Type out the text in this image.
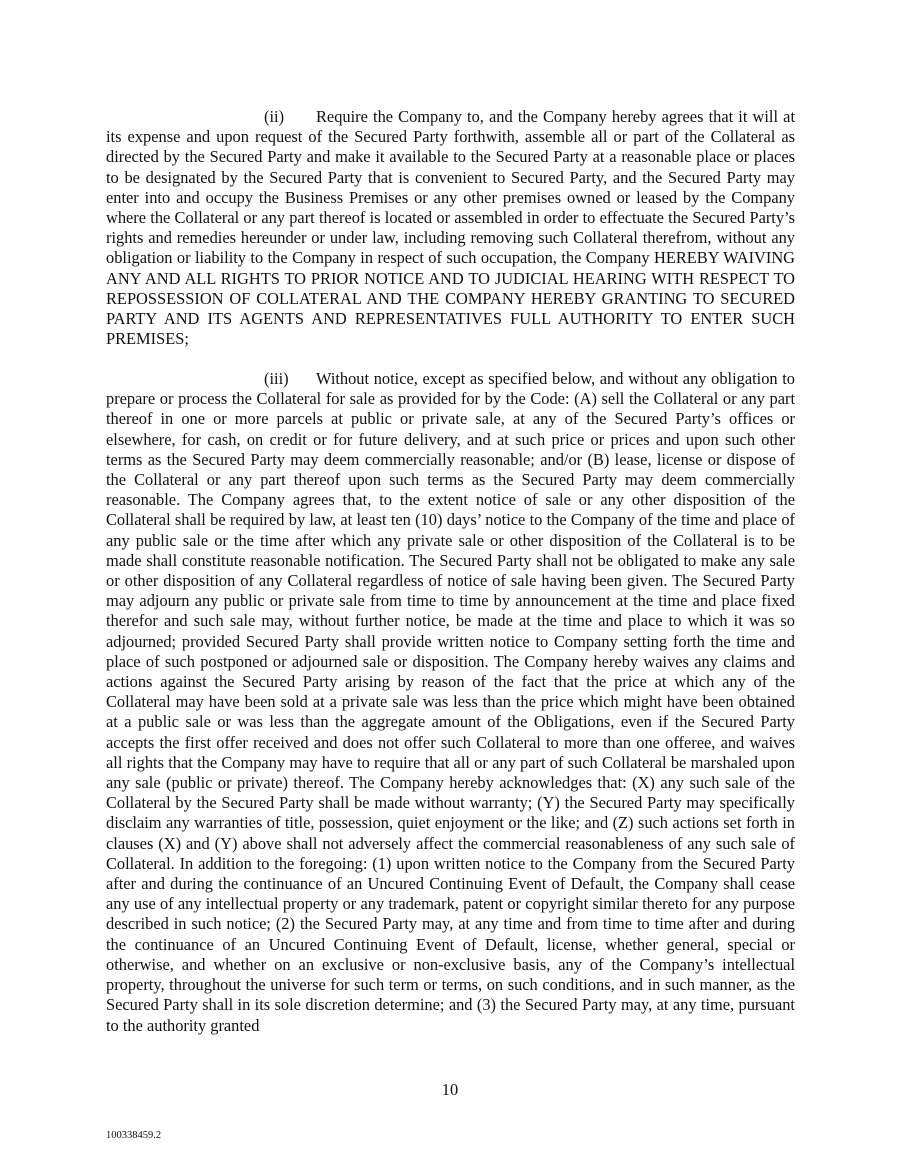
(ii) Require the Company to, and the Company hereby agrees that it will at its expense and upon request of the Secured Party forthwith, assemble all or part of the Collateral as directed by the Secured Party and make it available to the Secured Party at a reasonable place or places to be designated by the Secured Party that is convenient to Secured Party, and the Secured Party may enter into and occupy the Business Premises or any other premises owned or leased by the Company where the Collateral or any part thereof is located or assembled in order to effectuate the Secured Party’s rights and remedies hereunder or under law, including removing such Collateral therefrom, without any obligation or liability to the Company in respect of such occupation, the Company HEREBY WAIVING ANY AND ALL RIGHTS TO PRIOR NOTICE AND TO JUDICIAL HEARING WITH RESPECT TO REPOSSESSION OF COLLATERAL AND THE COMPANY HEREBY GRANTING TO SECURED PARTY AND ITS AGENTS AND REPRESENTATIVES FULL AUTHORITY TO ENTER SUCH PREMISES;

(iii) Without notice, except as specified below, and without any obligation to prepare or process the Collateral for sale as provided for by the Code: (A) sell the Collateral or any part thereof in one or more parcels at public or private sale, at any of the Secured Party’s offices or elsewhere, for cash, on credit or for future delivery, and at such price or prices and upon such other terms as the Secured Party may deem commercially reasonable; and/or (B) lease, license or dispose of the Collateral or any part thereof upon such terms as the Secured Party may deem commercially reasonable. The Company agrees that, to the extent notice of sale or any other disposition of the Collateral shall be required by law, at least ten (10) days’ notice to the Company of the time and place of any public sale or the time after which any private sale or other disposition of the Collateral is to be made shall constitute reasonable notification. The Secured Party shall not be obligated to make any sale or other disposition of any Collateral regardless of notice of sale having been given. The Secured Party may adjourn any public or private sale from time to time by announcement at the time and place fixed therefor and such sale may, without further notice, be made at the time and place to which it was so adjourned; provided Secured Party shall provide written notice to Company setting forth the time and place of such postponed or adjourned sale or disposition. The Company hereby waives any claims and actions against the Secured Party arising by reason of the fact that the price at which any of the Collateral may have been sold at a private sale was less than the price which might have been obtained at a public sale or was less than the aggregate amount of the Obligations, even if the Secured Party accepts the first offer received and does not offer such Collateral to more than one offeree, and waives all rights that the Company may have to require that all or any part of such Collateral be marshaled upon any sale (public or private) thereof. The Company hereby acknowledges that: (X) any such sale of the Collateral by the Secured Party shall be made without warranty; (Y) the Secured Party may specifically disclaim any warranties of title, possession, quiet enjoyment or the like; and (Z) such actions set forth in clauses (X) and (Y) above shall not adversely affect the commercial reasonableness of any such sale of Collateral. In addition to the foregoing: (1) upon written notice to the Company from the Secured Party after and during the continuance of an Uncured Continuing Event of Default, the Company shall cease any use of any intellectual property or any trademark, patent or copyright similar thereto for any purpose described in such notice; (2) the Secured Party may, at any time and from time to time after and during the continuance of an Uncured Continuing Event of Default, license, whether general, special or otherwise, and whether on an exclusive or non-exclusive basis, any of the Company’s intellectual property, throughout the universe for such term or terms, on such conditions, and in such manner, as the Secured Party shall in its sole discretion determine; and (3) the Secured Party may, at any time, pursuant to the authority granted

10

100338459.2
